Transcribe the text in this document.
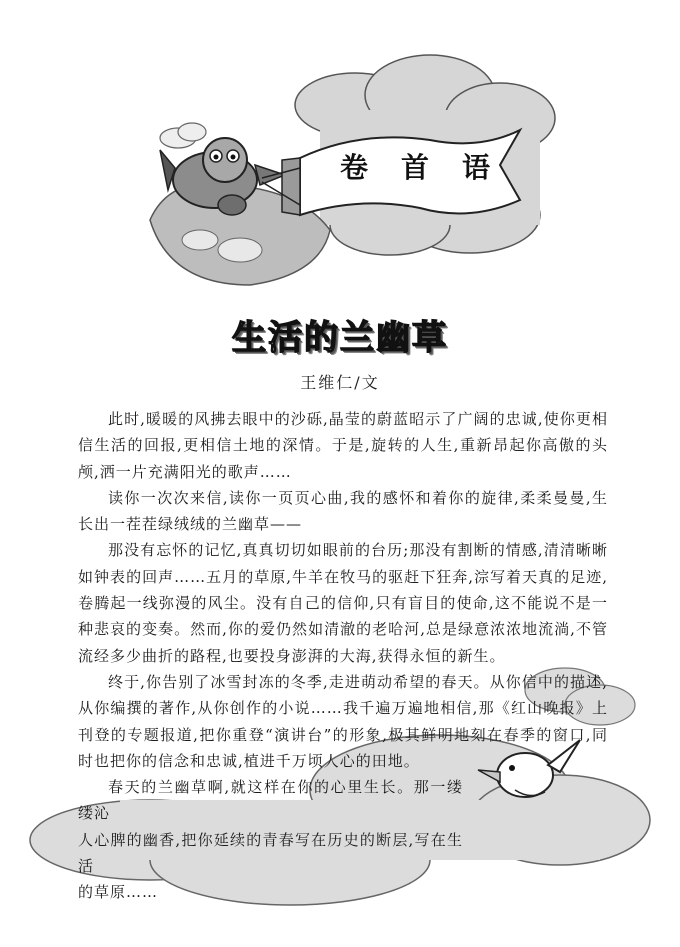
卷 首 语
生活的兰幽草
王维仁/文

此时,暖暖的风拂去眼中的沙砾,晶莹的蔚蓝昭示了广阔的忠诚,使你更相信生活的回报,更相信土地的深情。于是,旋转的人生,重新昂起你高傲的头颅,洒一片充满阳光的歌声……

读你一次次来信,读你一页页心曲,我的感怀和着你的旋律,柔柔曼曼,生长出一茬茬绿绒绒的兰幽草——

那没有忘怀的记忆,真真切切如眼前的台历;那没有割断的情感,清清晰晰如钟表的回声……五月的草原,牛羊在牧马的驱赶下狂奔,淙写着天真的足迹,卷腾起一线弥漫的风尘。没有自己的信仰,只有盲目的使命,这不能说不是一种悲哀的变奏。然而,你的爱仍然如清澈的老哈河,总是绿意浓浓地流淌,不管流经多少曲折的路程,也要投身澎湃的大海,获得永恒的新生。

终于,你告别了冰雪封冻的冬季,走进萌动希望的春天。从你信中的描述,从你编撰的著作,从你创作的小说……我千遍万遍地相信,那《红山晚报》上刊登的专题报道,把你重登“演讲台”的形象,极其鲜明地刻在春季的窗口,同时也把你的信念和忠诚,植进千万顷人心的田地。

春天的兰幽草啊,就这样在你的心里生长。那一缕缕沁

人心脾的幽香,把你延续的青春写在历史的断层,写在生活

的草原……
